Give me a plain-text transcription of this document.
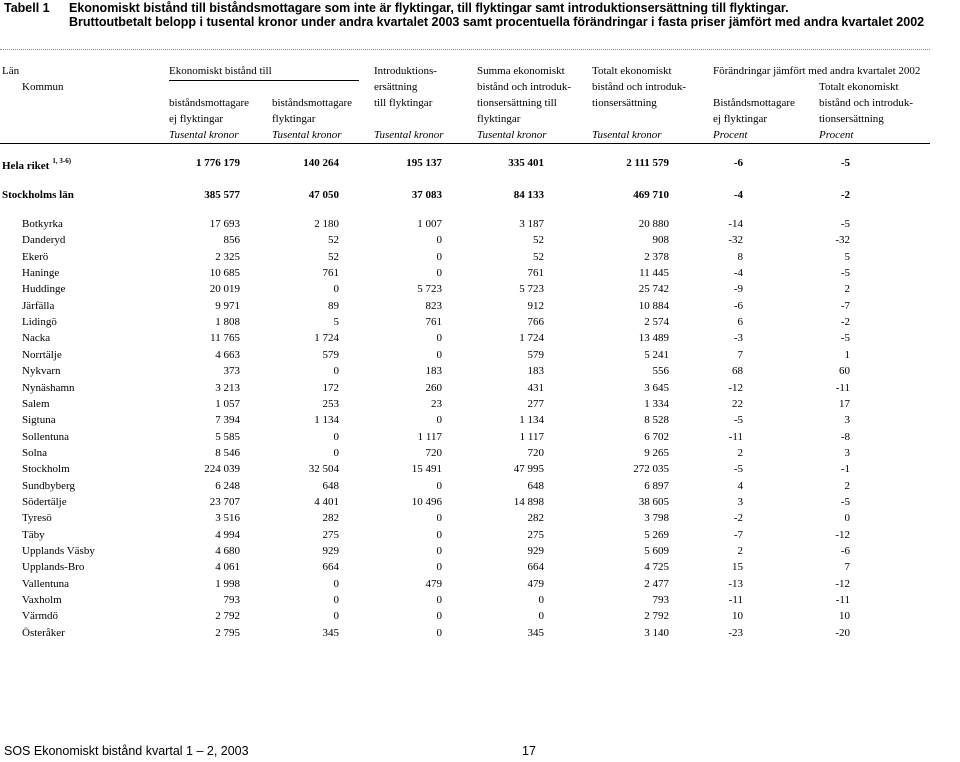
Tabell 1 Ekonomiskt bistånd till biståndsmottagare som inte är flyktingar, till flyktingar samt introduktionsersättning till flyktingar.
Bruttoutbetalt belopp i tusental kronor under andra kvartalet 2003 samt procentuella förändringar i fasta priser jämfört med andra kvartalet 2002
Län
Kommun
Ekonomiskt bistånd till
biståndsmottagare
ej flyktingar
Tusental kronor
biståndsmottagare
flyktingar
Tusental kronor
Introduktions-
ersättning
till flyktingar
Tusental kronor
Summa ekonomiskt
bistånd och introduk-
tionsersättning till
flyktingar
Tusental kronor
Totalt ekonomiskt
bistånd och introduk-
tionsersättning
Tusental kronor
Förändringar jämfört med andra kvartalet 2002
Biståndsmottagare
ej flyktingar
Procent
Totalt ekonomiskt
bistånd och introduk-
tionsersättning
Procent
Hela riket $^{1, 3-6)}$	1 776 179	140 264	195 137	335 401	2 111 579	-6	-5
Stockholms län	385 577	47 050	37 083	84 133	469 710	-4	-2
Botkyrka	17 693	2 180	1 007	3 187	20 880	-14	-5
Danderyd	856	52	0	52	908	-32	-32
Ekerö	2 325	52	0	52	2 378	8	5
Haninge	10 685	761	0	761	11 445	-4	-5
Huddinge	20 019	0	5 723	5 723	25 742	-9	2
Järfälla	9 971	89	823	912	10 884	-6	-7
Lidingö	1 808	5	761	766	2 574	6	-2
Nacka	11 765	1 724	0	1 724	13 489	-3	-5
Norrtälje	4 663	579	0	579	5 241	7	1
Nykvarn	373	0	183	183	556	68	60
Nynäshamn	3 213	172	260	431	3 645	-12	-11
Salem	1 057	253	23	277	1 334	22	17
Sigtuna	7 394	1 134	0	1 134	8 528	-5	3
Sollentuna	5 585	0	1 117	1 117	6 702	-11	-8
Solna	8 546	0	720	720	9 265	2	3
Stockholm	224 039	32 504	15 491	47 995	272 035	-5	-1
Sundbyberg	6 248	648	0	648	6 897	4	2
Södertälje	23 707	4 401	10 496	14 898	38 605	3	-5
Tyresö	3 516	282	0	282	3 798	-2	0
Täby	4 994	275	0	275	5 269	-7	-12
Upplands Väsby	4 680	929	0	929	5 609	2	-6
Upplands-Bro	4 061	664	0	664	4 725	15	7
Vallentuna	1 998	0	479	479	2 477	-13	-12
Vaxholm	793	0	0	0	793	-11	-11
Värmdö	2 792	0	0	0	2 792	10	10
Österåker	2 795	345	0	345	3 140	-23	-20
SOS Ekonomiskt bistånd kvartal 1 – 2, 2003	17
